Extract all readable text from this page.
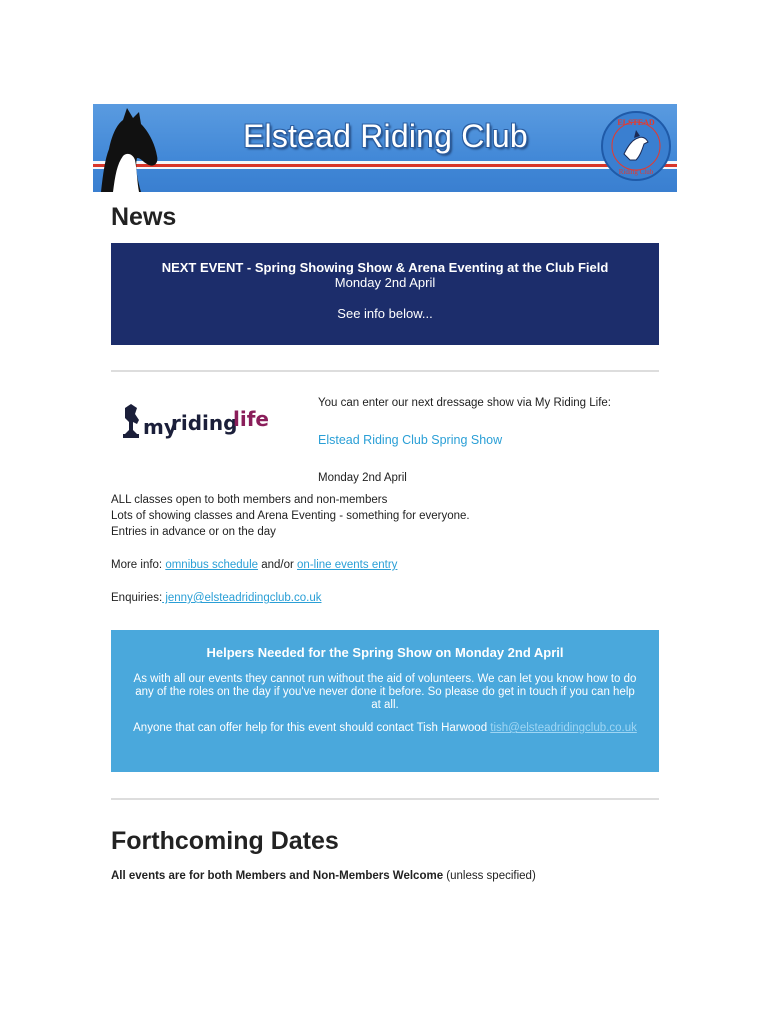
Elstead Riding Club	ELSTEAD
Riding Club
News
NEXT EVENT - Spring Showing Show & Arena Eventing at the Club Field
Monday 2nd April
See info below...
my
riding
life
You can enter our next dressage show via My Riding Life:
Elstead Riding Club Spring Show
Monday 2nd April
ALL classes open to both members and non-members
Lots of showing classes and Arena Eventing - something for everyone.
Entries in advance or on the day
More info: omnibus schedule and/or on-line events entry
Enquiries: jenny@elsteadridingclub.co.uk
Helpers Needed for the Spring Show on Monday 2nd April
As with all our events they cannot run without the aid of volunteers. We can let you know how to do any of the roles on the day if you've never done it before. So please do get in touch if you can help at all.
Anyone that can offer help for this event should contact Tish Harwood tish@elsteadridingclub.co.uk
Forthcoming Dates
All events are for both Members and Non-Members Welcome (unless specified)
